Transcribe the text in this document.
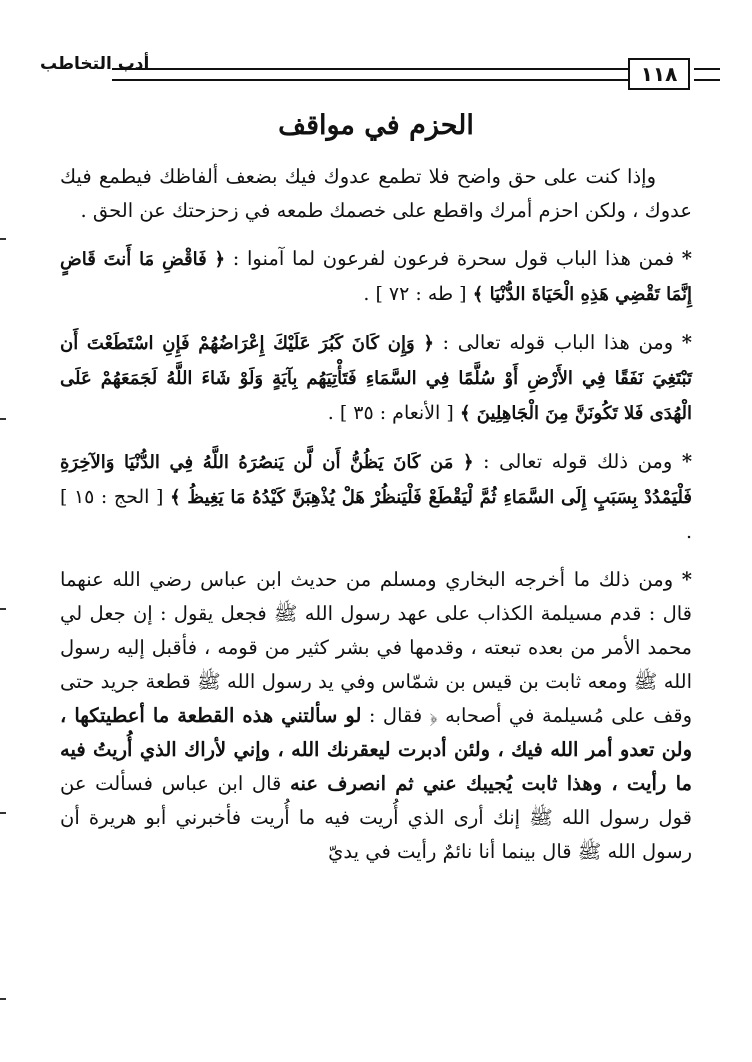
أدب التخاطب	١١٨
الحزم في مواقف

وإذا كنت على حق واضح فلا تطمع عدوك فيك بضعف ألفاظك فيطمع فيك عدوك ، ولكن احزم أمرك واقطع على خصمك طمعه في زحزحتك عن الحق .

* فمن هذا الباب قول سحرة فرعون لفرعون لما آمنوا : ﴿ فَاقْضِ مَا أَنتَ قَاضٍ إِنَّمَا تَقْضِي هَذِهِ الْحَيَاةَ الدُّنْيَا ﴾ [ طه : ٧٢ ] .

* ومن هذا الباب قوله تعالى : ﴿ وَإِن كَانَ كَبُرَ عَلَيْكَ إِعْرَاضُهُمْ فَإِنِ اسْتَطَعْتَ أَن تَبْتَغِيَ نَفَقًا فِي الأَرْضِ أَوْ سُلَّمًا فِي السَّمَاءِ فَتَأْتِيَهُم بِآيَةٍ وَلَوْ شَاءَ اللَّهُ لَجَمَعَهُمْ عَلَى الْهُدَى فَلا تَكُونَنَّ مِنَ الْجَاهِلِينَ ﴾ [ الأنعام : ٣٥ ] .

* ومن ذلك قوله تعالى : ﴿ مَن كَانَ يَظُنُّ أَن لَّن يَنصُرَهُ اللَّهُ فِي الدُّنْيَا وَالآخِرَةِ فَلْيَمْدُدْ بِسَبَبٍ إِلَى السَّمَاءِ ثُمَّ لْيَقْطَعْ فَلْيَنظُرْ هَلْ يُذْهِبَنَّ كَيْدُهُ مَا يَغِيظُ ﴾ [ الحج : ١٥ ] .

* ومن ذلك ما أخرجه البخاري ومسلم من حديث ابن عباس رضي الله عنهما قال : قدم مسيلمة الكذاب على عهد رسول الله ﷺ فجعل يقول : إن جعل لي محمد الأمر من بعده تبعته ، وقدمها في بشر كثير من قومه ، فأقبل إليه رسول الله ﷺ ومعه ثابت بن قيس بن شمّاس وفي يد رسول الله ﷺ قطعة جريد حتى وقف على مُسيلمة في أصحابه ﴿ فقال : لو سألتني هذه القطعة ما أعطيتكها ، ولن تعدو أمر الله فيك ، ولئن أدبرت ليعقرنك الله ، وإني لأراك الذي أُريتُ فيه ما رأيت ، وهذا ثابت يُجيبك عني ثم انصرف عنه قال ابن عباس فسألت عن قول رسول الله ﷺ إنك أرى الذي أُريت فيه ما أُريت فأخبرني أبو هريرة أن رسول الله ﷺ قال بينما أنا نائمٌ رأيت في يديّ
